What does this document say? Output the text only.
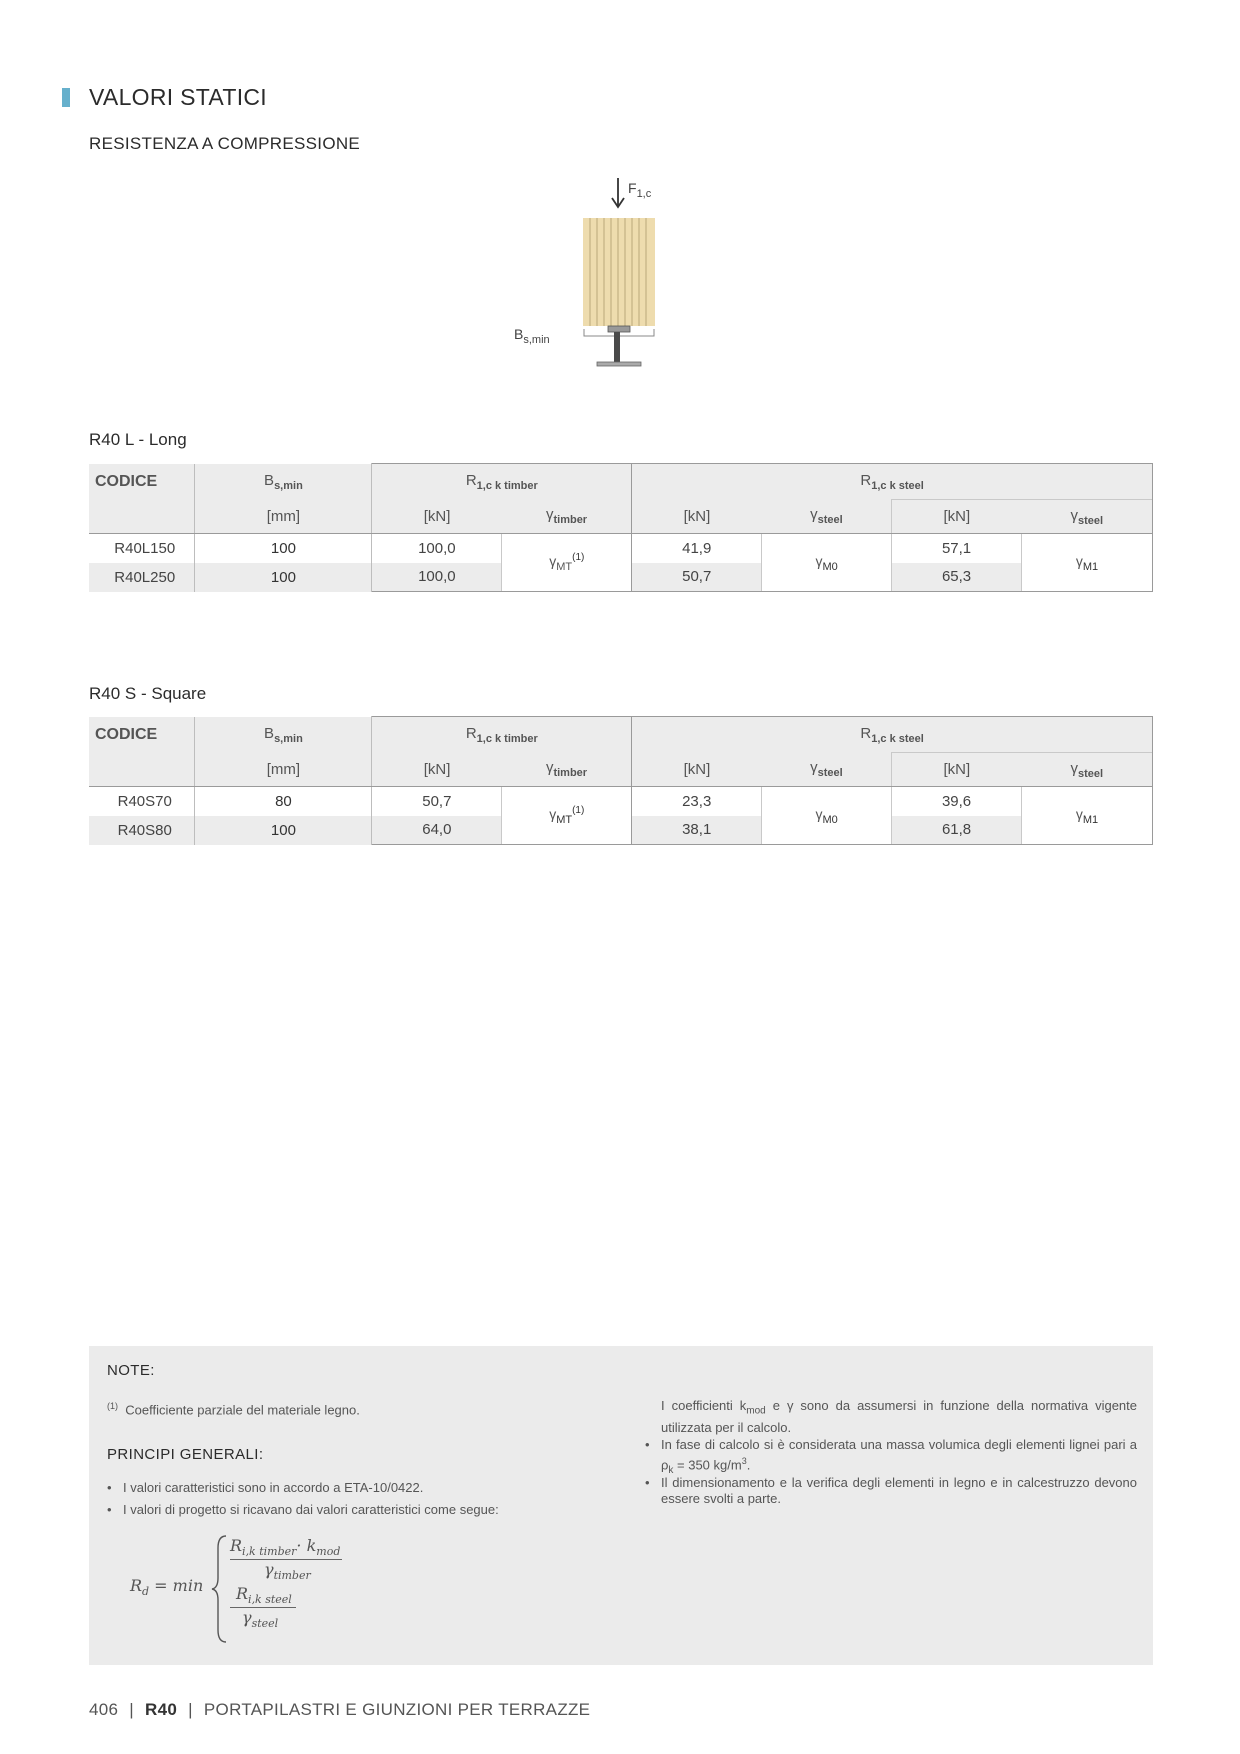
VALORI STATICI
RESISTENZA A COMPRESSIONE
$F_{1,c}$
$B_{s,min}$
R40 L - Long
CODICE	$B_{s,min}$	$R_{1,c k timber}$		$R_{1,c k steel}$
	[mm]	[kN]	$\gamma_{timber}$	[kN]	$\gamma_{steel}$	[kN]	$\gamma_{steel}$
R40L150	100	100,0	$\gamma_{MT}^{(1)}$	41,9	$\gamma_{M0}$	57,1	$\gamma_{M1}$
R40L250	100	100,0		50,7		65,3	
R40 S - Square
CODICE	$B_{s,min}$	$R_{1,c k timber}$		$R_{1,c k steel}$
	[mm]	[kN]	$\gamma_{timber}$	[kN]	$\gamma_{steel}$	[kN]	$\gamma_{steel}$
R40S70	80	50,7	$\gamma_{MT}^{(1)}$	23,3	$\gamma_{M0}$	39,6	$\gamma_{M1}$
R40S80	100	64,0		38,1		61,8	
NOTE:
$^{(1)}$ Coefficiente parziale del materiale legno.
PRINCIPI GENERALI:
• I valori caratteristici sono in accordo a ETA-10/0422.
• I valori di progetto si ricavano dai valori caratteristici come segue:
I coefficienti $k_{mod}$ e γ sono da assumersi in funzione della normativa vigente utilizzata per il calcolo.
• In fase di calcolo si è considerata una massa volumica degli elementi lignei pari a $\rho_k = 350$ $kg/m^3$.
• Il dimensionamento e la verifica degli elementi in legno e in calcestruzzo devono essere svolti a parte.
$R_d = \min$
$R_{i,k timber}\cdot k_{mod}$
$\gamma_{timber}$
$R_{i,k steel}$
$\gamma_{steel}$
406 | R40 | PORTAPILASTRI E GIUNZIONI PER TERRAZZE
